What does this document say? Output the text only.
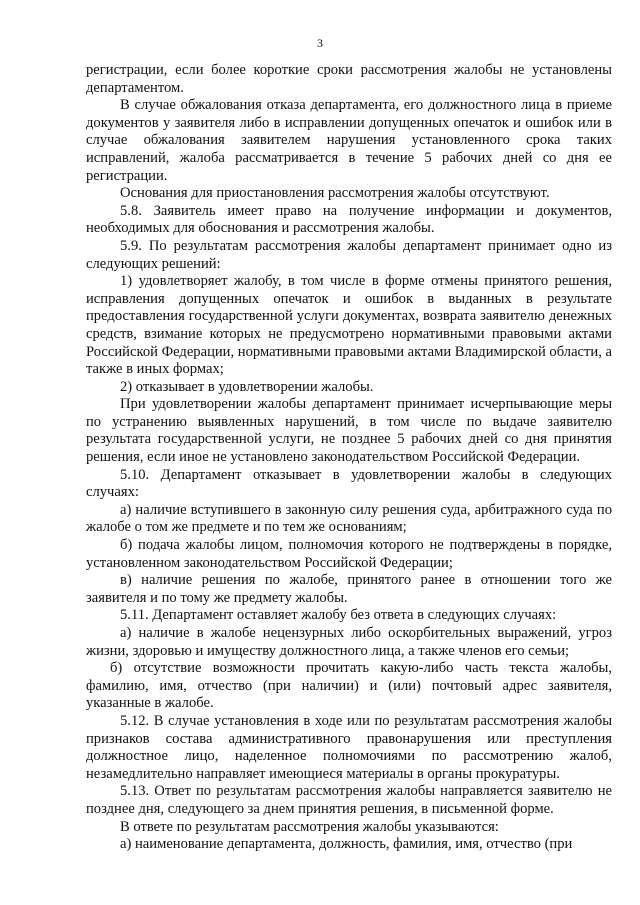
3

регистрации, если более короткие сроки рассмотрения жалобы не установлены департаментом.

В случае обжалования отказа департамента, его должностного лица в приеме документов у заявителя либо в исправлении допущенных опечаток и ошибок или в случае обжалования заявителем нарушения установленного срока таких исправлений, жалоба рассматривается в течение 5 рабочих дней со дня ее регистрации.

Основания для приостановления рассмотрения жалобы отсутствуют.

5.8. Заявитель имеет право на получение информации и документов, необходимых для обоснования и рассмотрения жалобы.

5.9. По результатам рассмотрения жалобы департамент принимает одно из следующих решений:

1) удовлетворяет жалобу, в том числе в форме отмены принятого решения, исправления допущенных опечаток и ошибок в выданных в результате предоставления государственной услуги документах, возврата заявителю денежных средств, взимание которых не предусмотрено нормативными правовыми актами Российской Федерации, нормативными правовыми актами Владимирской области, а также в иных формах;

2) отказывает в удовлетворении жалобы.

При удовлетворении жалобы департамент принимает исчерпывающие меры по устранению выявленных нарушений, в том числе по выдаче заявителю результата государственной услуги, не позднее 5 рабочих дней со дня принятия решения, если иное не установлено законодательством Российской Федерации.

5.10. Департамент отказывает в удовлетворении жалобы в следующих случаях:

а) наличие вступившего в законную силу решения суда, арбитражного суда по жалобе о том же предмете и по тем же основаниям;

б) подача жалобы лицом, полномочия которого не подтверждены в порядке, установленном законодательством Российской Федерации;

в) наличие решения по жалобе, принятого ранее в отношении того же заявителя и по тому же предмету жалобы.

5.11. Департамент оставляет жалобу без ответа в следующих случаях:

а) наличие в жалобе нецензурных либо оскорбительных выражений, угроз жизни, здоровью и имуществу должностного лица, а также членов его семьи;

б) отсутствие возможности прочитать какую-либо часть текста жалобы, фамилию, имя, отчество (при наличии) и (или) почтовый адрес заявителя, указанные в жалобе.

5.12. В случае установления в ходе или по результатам рассмотрения жалобы признаков состава административного правонарушения или преступления должностное лицо, наделенное полномочиями по рассмотрению жалоб, незамедлительно направляет имеющиеся материалы в органы прокуратуры.

5.13. Ответ по результатам рассмотрения жалобы направляется заявителю не позднее дня, следующего за днем принятия решения, в письменной форме.

В ответе по результатам рассмотрения жалобы указываются:

а) наименование департамента, должность, фамилия, имя, отчество (при
